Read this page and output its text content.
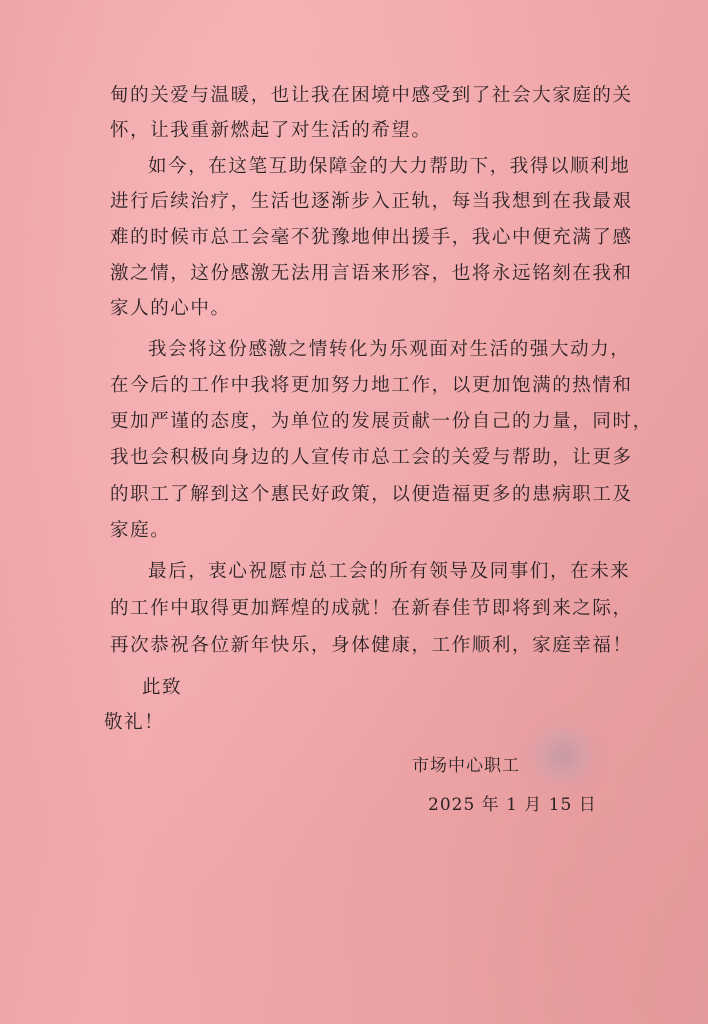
甸的关爱与温暖，也让我在困境中感受到了社会大家庭的关
怀，让我重新燃起了对生活的希望。
如今，在这笔互助保障金的大力帮助下，我得以顺利地
进行后续治疗，生活也逐渐步入正轨，每当我想到在我最艰
难的时候市总工会毫不犹豫地伸出援手，我心中便充满了感
激之情，这份感激无法用言语来形容，也将永远铭刻在我和
家人的心中。
我会将这份感激之情转化为乐观面对生活的强大动力，
在今后的工作中我将更加努力地工作，以更加饱满的热情和
更加严谨的态度，为单位的发展贡献一份自己的力量，同时，
我也会积极向身边的人宣传市总工会的关爱与帮助，让更多
的职工了解到这个惠民好政策，以便造福更多的患病职工及
家庭。
最后，衷心祝愿市总工会的所有领导及同事们，在未来
的工作中取得更加辉煌的成就！在新春佳节即将到来之际，
再次恭祝各位新年快乐，身体健康，工作顺利，家庭幸福！
此致
敬礼！
市场中心职工
2025 年 1 月 15 日
